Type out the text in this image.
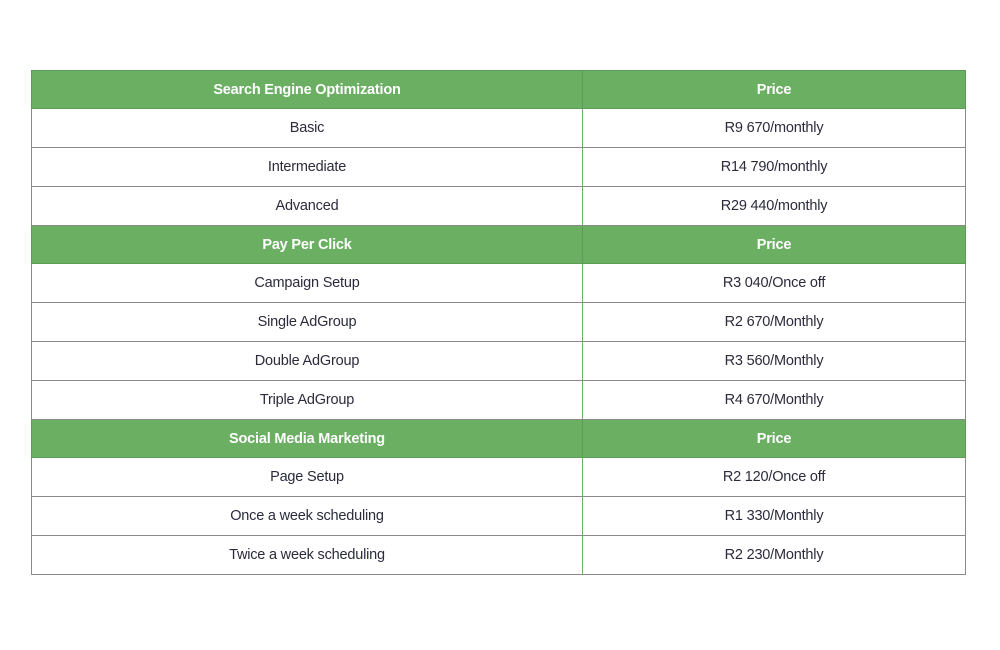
Search Engine Optimization	Price
Basic	R9 670/monthly
Intermediate	R14 790/monthly
Advanced	R29 440/monthly
Pay Per Click	Price
Campaign Setup	R3 040/Once off
Single AdGroup	R2 670/Monthly
Double AdGroup	R3 560/Monthly
Triple AdGroup	R4 670/Monthly
Social Media Marketing	Price
Page Setup	R2 120/Once off
Once a week scheduling	R1 330/Monthly
Twice a week scheduling	R2 230/Monthly
